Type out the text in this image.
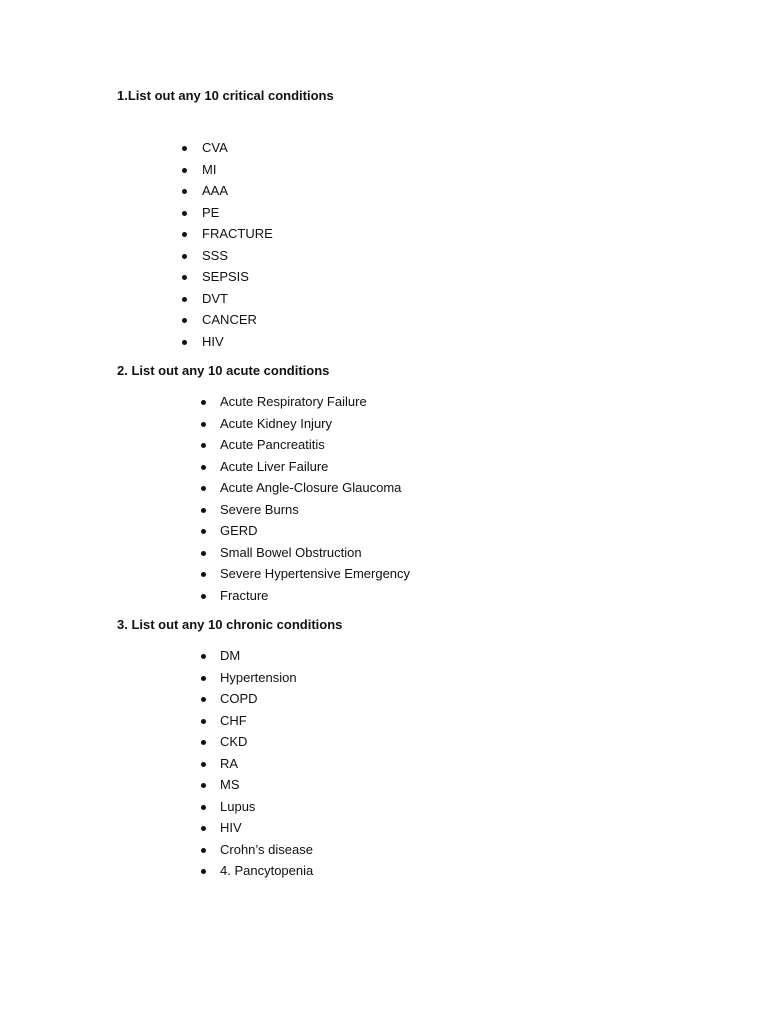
1.List out any 10 critical conditions
CVA
MI
AAA
PE
FRACTURE
SSS
SEPSIS
DVT
CANCER
HIV
2. List out any 10 acute conditions
Acute Respiratory Failure
Acute Kidney Injury
Acute Pancreatitis
Acute Liver Failure
Acute Angle-Closure Glaucoma
Severe Burns
GERD
Small Bowel Obstruction
Severe Hypertensive Emergency
Fracture
3. List out any 10 chronic conditions
DM
Hypertension
COPD
CHF
CKD
RA
MS
Lupus
HIV
Crohn’s disease
4. Pancytopenia
